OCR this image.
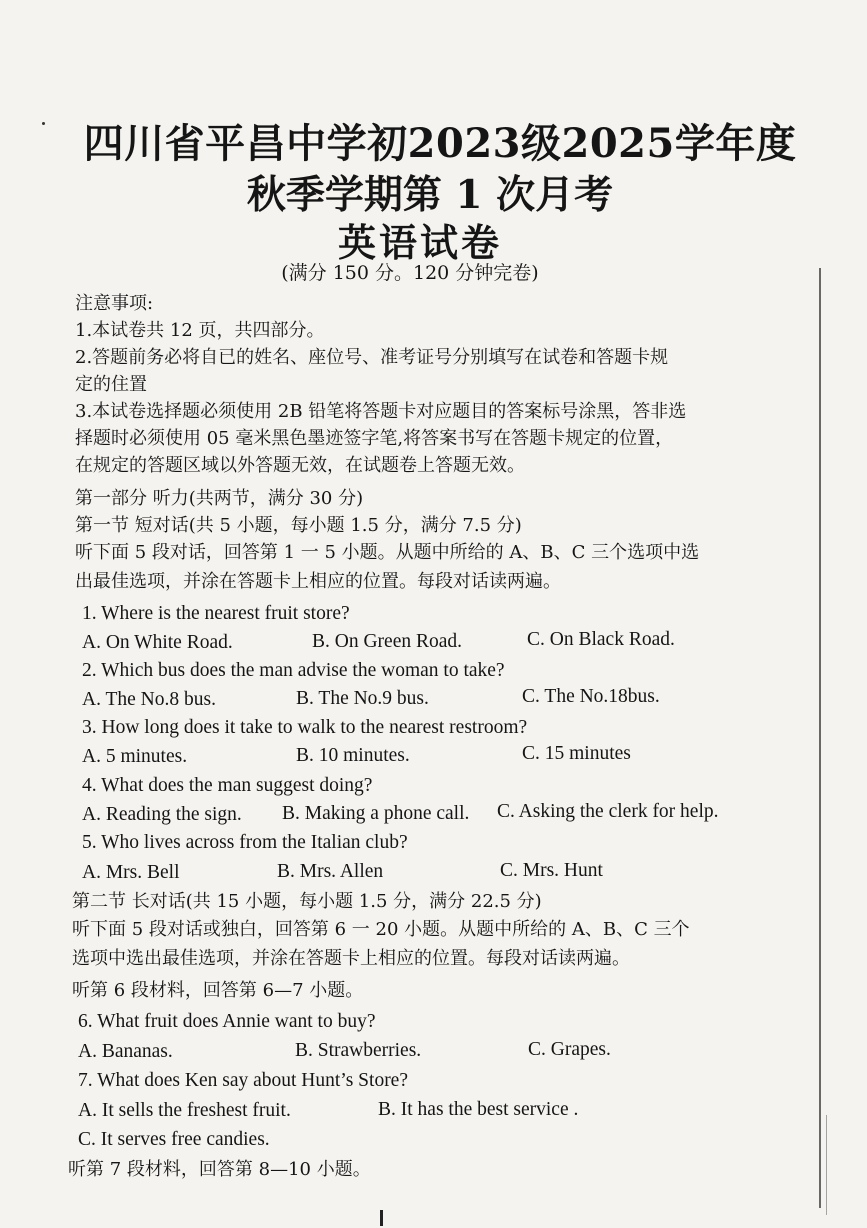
四川省平昌中学初2023级2025学年度
秋季学期第 1 次月考
英语试卷
(满分 150 分。120 分钟完卷)
注意事项:
1.本试卷共 12 页，共四部分。
2.答题前务必将自已的姓名、座位号、准考证号分别填写在试卷和答题卡规
定的住置
3.本试卷选择题必须使用 2B 铅笔将答题卡对应题目的答案标号涂黑，答非选
择题时必须使用 05 毫米黑色墨迹签字笔,将答案书写在答题卡规定的位置，
在规定的答题区域以外答题无效，在试题卷上答题无效。
第一部分 听力(共两节，满分 30 分)
第一节 短对话(共 5 小题，每小题 1.5 分，满分 7.5 分)
听下面 5 段对话，回答第 1 一 5 小题。从题中所给的 A、B、C 三个选项中选
出最佳选项，并涂在答题卡上相应的位置。每段对话读两遍。
1. Where is the nearest fruit store?
A. On White Road.	B. On Green Road.	C. On Black Road.
2. Which bus does the man advise the woman to take?
A. The No.8 bus.	B. The No.9 bus.	C. The No.18bus.
3. How long does it take to walk to the nearest restroom?
A. 5 minutes.	B. 10 minutes.	C. 15 minutes
4. What does the man suggest doing?
A. Reading the sign. B. Making a phone call. C. Asking the clerk for help.
5. Who lives across from the Italian club?
A. Mrs. Bell	B. Mrs. Allen	C. Mrs. Hunt
第二节 长对话(共 15 小题，每小题 1.5 分，满分 22.5 分)
听下面 5 段对话或独白，回答第 6 一 20 小题。从题中所给的 A、B、C 三个
选项中选出最佳选项，并涂在答题卡上相应的位置。每段对话读两遍。
听第 6 段材料，回答第 6—7 小题。
6. What fruit does Annie want to buy?
A. Bananas.	B. Strawberries.	C. Grapes.
7. What does Ken say about Hunt’s Store?
A. It sells the freshest fruit.	B. It has the best service .
C. It serves free candies.
听第 7 段材料，回答第 8—10 小题。
